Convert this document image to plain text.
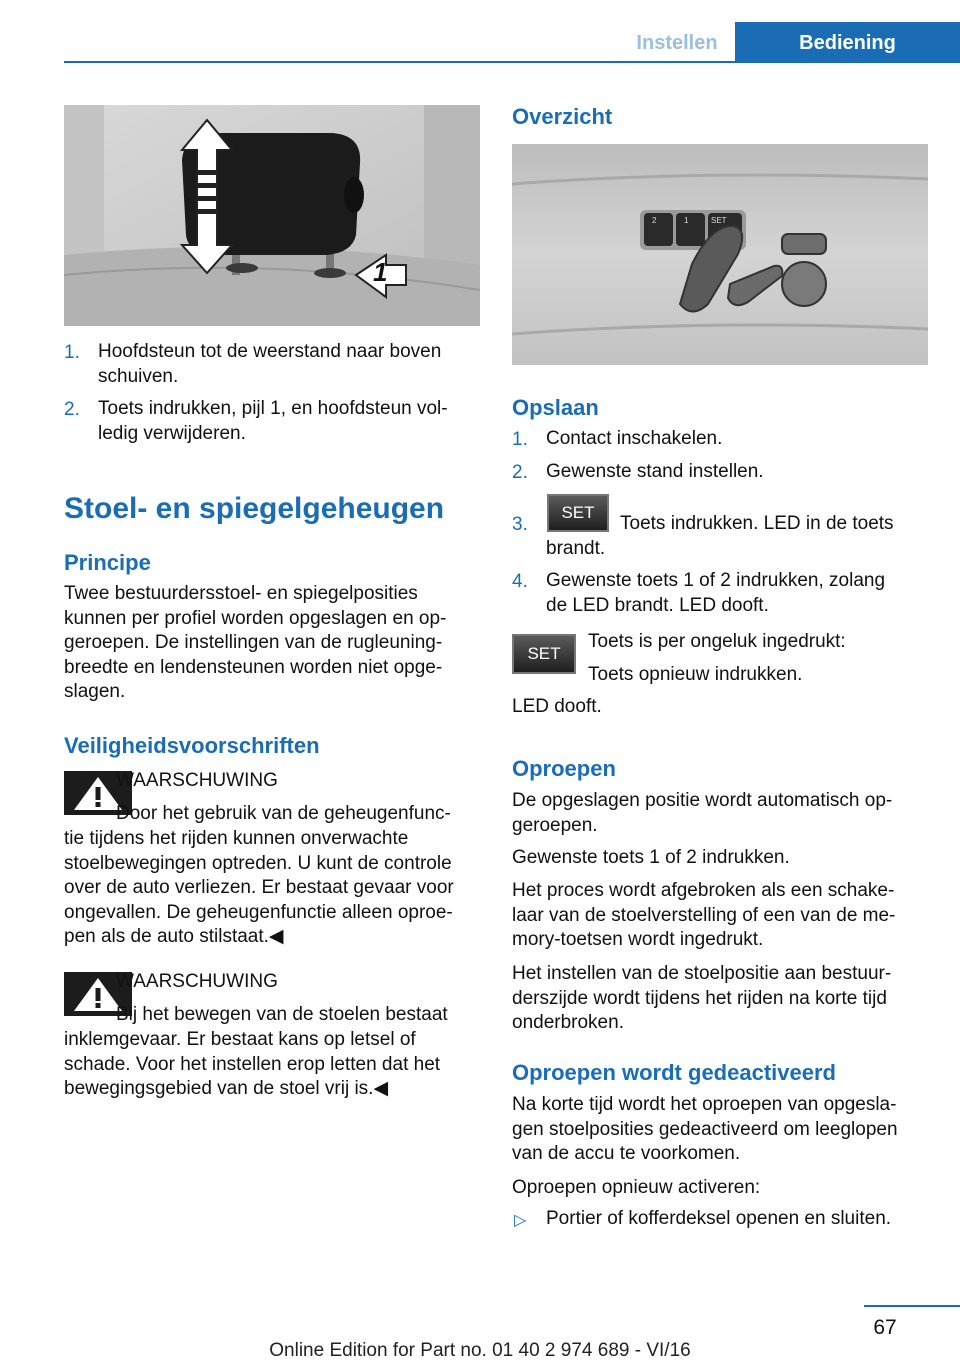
Instellen	Bediening
1
1. Hoofdsteun tot de weerstand naar boven
schuiven.
2. Toets indrukken, pijl 1, en hoofdsteun vol-
ledig verwijderen.
Stoel- en spiegelgeheugen
Principe
Twee bestuurdersstoel- en spiegelposities
kunnen per profiel worden opgeslagen en op-
geroepen. De instellingen van de rugleuning-
breedte en lendensteunen worden niet opge-
slagen.
Veiligheidsvoorschriften
WAARSCHUWING
Door het gebruik van de geheugenfunc-
tie tijdens het rijden kunnen onverwachte
stoelbewegingen optreden. U kunt de controle
over de auto verliezen. Er bestaat gevaar voor
ongevallen. De geheugenfunctie alleen oproe-
pen als de auto stilstaat.◀
WAARSCHUWING
Bij het bewegen van de stoelen bestaat
inklemgevaar. Er bestaat kans op letsel of
schade. Voor het instellen erop letten dat het
bewegingsgebied van de stoel vrij is.◀
Overzicht
2	1	SET
Opslaan
1. Contact inschakelen.
2. Gewenste stand instellen.
3.
SET
Toets indrukken. LED in de toets
brandt.
4. Gewenste toets 1 of 2 indrukken, zolang
de LED brandt. LED dooft.
SET
Toets is per ongeluk ingedrukt:
Toets opnieuw indrukken.
LED dooft.
Oproepen
De opgeslagen positie wordt automatisch op-
geroepen.
Gewenste toets 1 of 2 indrukken.
Het proces wordt afgebroken als een schake-
laar van de stoelverstelling of een van de me-
mory-toetsen wordt ingedrukt.
Het instellen van de stoelpositie aan bestuur-
derszijde wordt tijdens het rijden na korte tijd
onderbroken.
Oproepen wordt gedeactiveerd
Na korte tijd wordt het oproepen van opgesla-
gen stoelposities gedeactiveerd om leeglopen
van de accu te voorkomen.
Oproepen opnieuw activeren:
▷ Portier of kofferdeksel openen en sluiten.
67
Online Edition for Part no. 01 40 2 974 689 - VI/16
